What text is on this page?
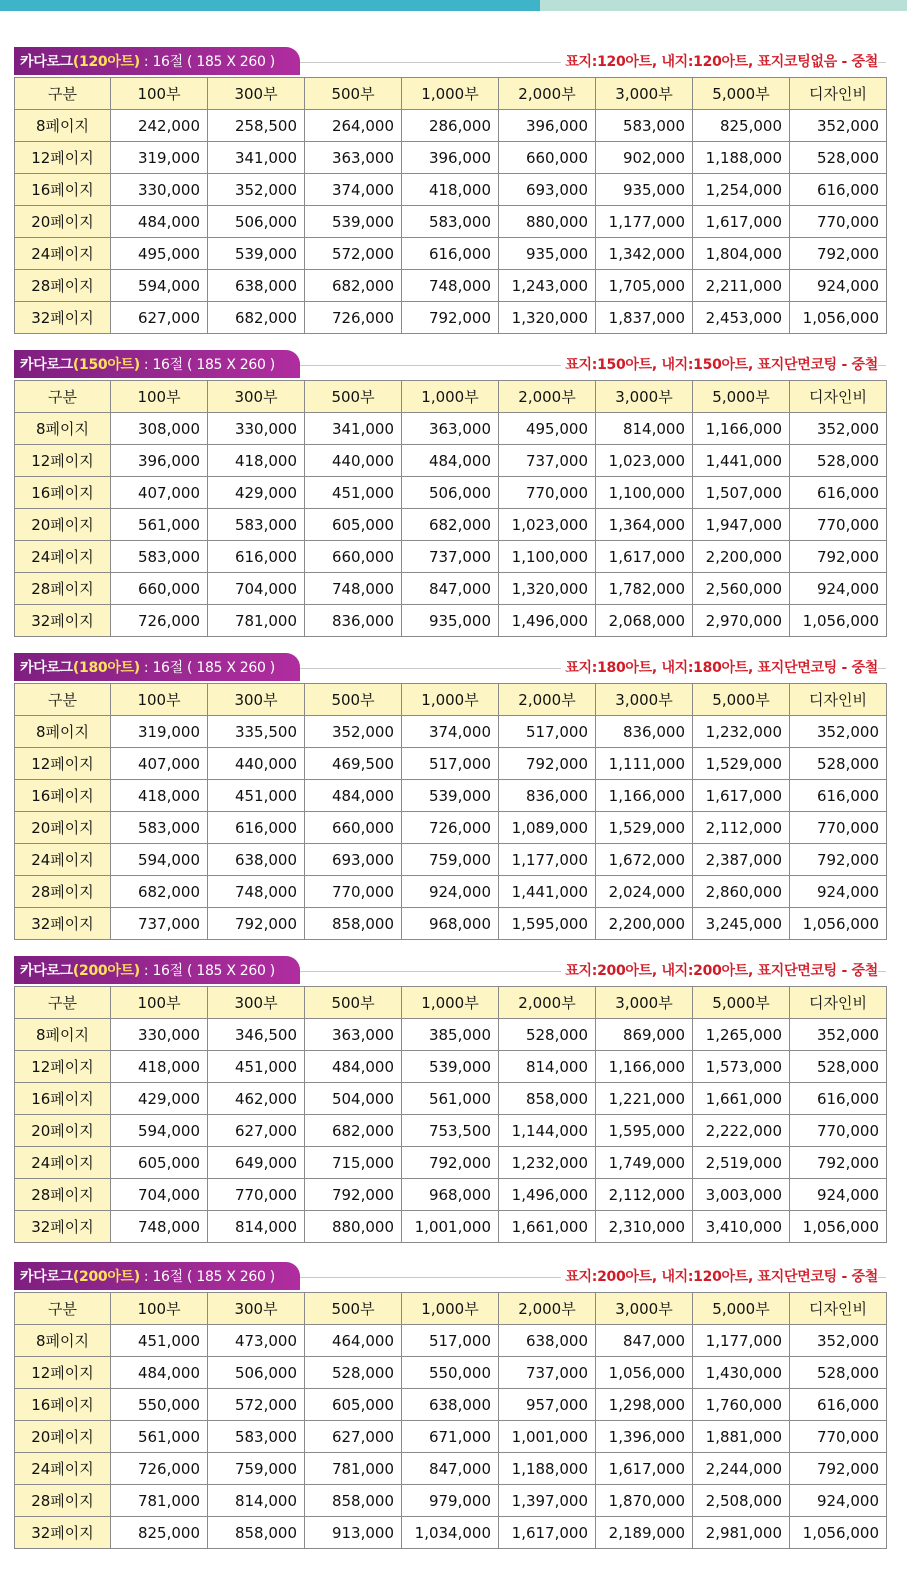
카다로그 (120아트) : 16절 ( 185 X 260 )	표지:120아트, 내지:120아트, 표지코팅없음 - 중철
구분	100부	300부	500부	1,000부	2,000부	3,000부	5,000부	디자인비
8페이지	242,000	258,500	264,000	286,000	396,000	583,000	825,000	352,000
12페이지	319,000	341,000	363,000	396,000	660,000	902,000	1,188,000	528,000
16페이지	330,000	352,000	374,000	418,000	693,000	935,000	1,254,000	616,000
20페이지	484,000	506,000	539,000	583,000	880,000	1,177,000	1,617,000	770,000
24페이지	495,000	539,000	572,000	616,000	935,000	1,342,000	1,804,000	792,000
28페이지	594,000	638,000	682,000	748,000	1,243,000	1,705,000	2,211,000	924,000
32페이지	627,000	682,000	726,000	792,000	1,320,000	1,837,000	2,453,000	1,056,000
카다로그 (150아트) : 16절 ( 185 X 260 )	표지:150아트, 내지:150아트, 표지단면코팅 - 중철
구분	100부	300부	500부	1,000부	2,000부	3,000부	5,000부	디자인비
8페이지	308,000	330,000	341,000	363,000	495,000	814,000	1,166,000	352,000
12페이지	396,000	418,000	440,000	484,000	737,000	1,023,000	1,441,000	528,000
16페이지	407,000	429,000	451,000	506,000	770,000	1,100,000	1,507,000	616,000
20페이지	561,000	583,000	605,000	682,000	1,023,000	1,364,000	1,947,000	770,000
24페이지	583,000	616,000	660,000	737,000	1,100,000	1,617,000	2,200,000	792,000
28페이지	660,000	704,000	748,000	847,000	1,320,000	1,782,000	2,560,000	924,000
32페이지	726,000	781,000	836,000	935,000	1,496,000	2,068,000	2,970,000	1,056,000
카다로그 (180아트) : 16절 ( 185 X 260 )	표지:180아트, 내지:180아트, 표지단면코팅 - 중철
구분	100부	300부	500부	1,000부	2,000부	3,000부	5,000부	디자인비
8페이지	319,000	335,500	352,000	374,000	517,000	836,000	1,232,000	352,000
12페이지	407,000	440,000	469,500	517,000	792,000	1,111,000	1,529,000	528,000
16페이지	418,000	451,000	484,000	539,000	836,000	1,166,000	1,617,000	616,000
20페이지	583,000	616,000	660,000	726,000	1,089,000	1,529,000	2,112,000	770,000
24페이지	594,000	638,000	693,000	759,000	1,177,000	1,672,000	2,387,000	792,000
28페이지	682,000	748,000	770,000	924,000	1,441,000	2,024,000	2,860,000	924,000
32페이지	737,000	792,000	858,000	968,000	1,595,000	2,200,000	3,245,000	1,056,000
카다로그 (200아트) : 16절 ( 185 X 260 )	표지:200아트, 내지:200아트, 표지단면코팅 - 중철
구분	100부	300부	500부	1,000부	2,000부	3,000부	5,000부	디자인비
8페이지	330,000	346,500	363,000	385,000	528,000	869,000	1,265,000	352,000
12페이지	418,000	451,000	484,000	539,000	814,000	1,166,000	1,573,000	528,000
16페이지	429,000	462,000	504,000	561,000	858,000	1,221,000	1,661,000	616,000
20페이지	594,000	627,000	682,000	753,500	1,144,000	1,595,000	2,222,000	770,000
24페이지	605,000	649,000	715,000	792,000	1,232,000	1,749,000	2,519,000	792,000
28페이지	704,000	770,000	792,000	968,000	1,496,000	2,112,000	3,003,000	924,000
32페이지	748,000	814,000	880,000	1,001,000	1,661,000	2,310,000	3,410,000	1,056,000
카다로그 (200아트) : 16절 ( 185 X 260 )	표지:200아트, 내지:120아트, 표지단면코팅 - 중철
구분	100부	300부	500부	1,000부	2,000부	3,000부	5,000부	디자인비
8페이지	451,000	473,000	464,000	517,000	638,000	847,000	1,177,000	352,000
12페이지	484,000	506,000	528,000	550,000	737,000	1,056,000	1,430,000	528,000
16페이지	550,000	572,000	605,000	638,000	957,000	1,298,000	1,760,000	616,000
20페이지	561,000	583,000	627,000	671,000	1,001,000	1,396,000	1,881,000	770,000
24페이지	726,000	759,000	781,000	847,000	1,188,000	1,617,000	2,244,000	792,000
28페이지	781,000	814,000	858,000	979,000	1,397,000	1,870,000	2,508,000	924,000
32페이지	825,000	858,000	913,000	1,034,000	1,617,000	2,189,000	2,981,000	1,056,000
